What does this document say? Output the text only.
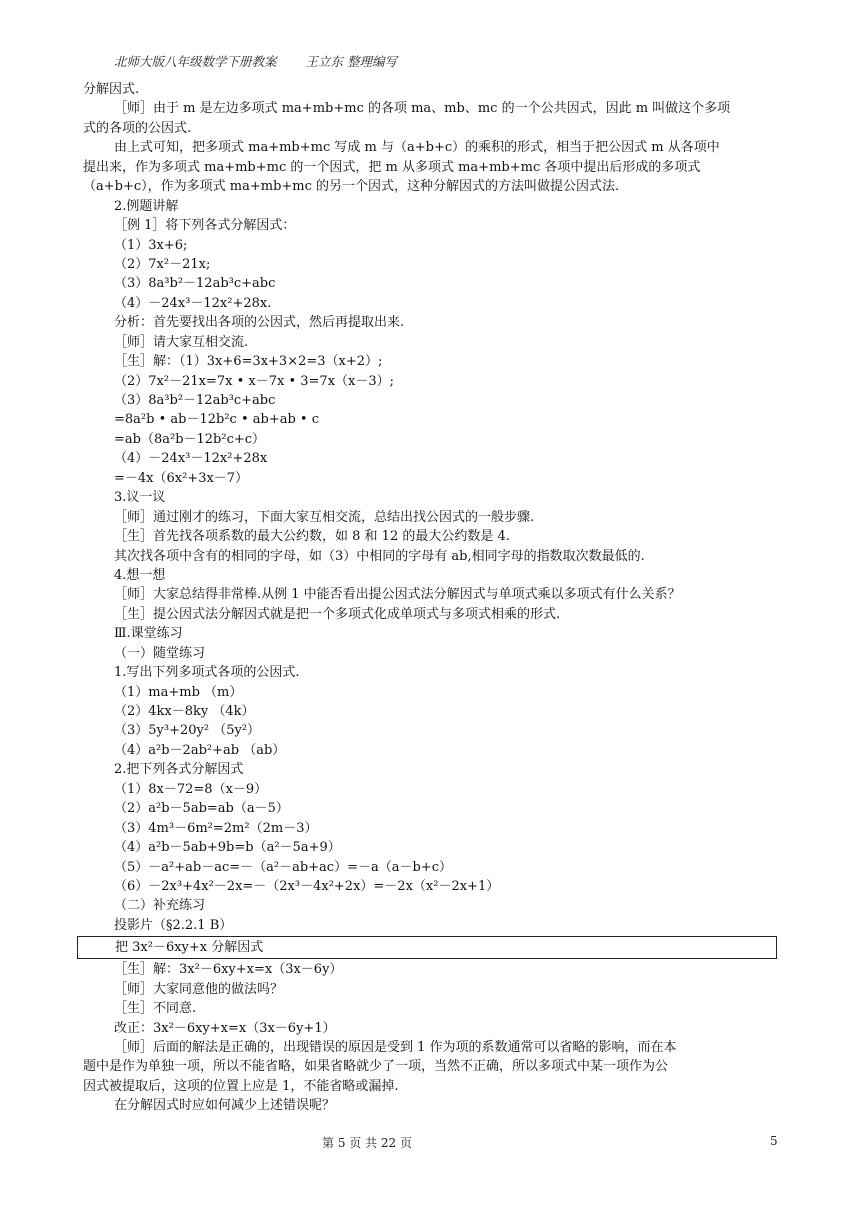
北师大版八年级数学下册教案 　　王立东 整理编写
分解因式.
［师］由于 m 是左边多项式 ma+mb+mc 的各项 ma、mb、mc 的一个公共因式，因此 m 叫做这个多项
式的各项的公因式.
由上式可知，把多项式 ma+mb+mc 写成 m 与（a+b+c）的乘积的形式，相当于把公因式 m 从各项中
提出来，作为多项式 ma+mb+mc 的一个因式，把 m 从多项式 ma+mb+mc 各项中提出后形成的多项式
（a+b+c），作为多项式 ma+mb+mc 的另一个因式，这种分解因式的方法叫做提公因式法.
2.例题讲解
［例 1］将下列各式分解因式：
（1）3x+6;
（2）7x²－21x;
（3）8a³b²－12ab³c+abc
（4）－24x³－12x²+28x.
分析：首先要找出各项的公因式，然后再提取出来.
［师］请大家互相交流.
［生］解：（1）3x+6=3x+3×2=3（x+2）;
（2）7x²－21x=7x • x－7x • 3=7x（x－3）;
（3）8a³b²－12ab³c+abc
=8a²b • ab－12b²c • ab+ab • c
=ab（8a²b－12b²c+c）
（4）－24x³－12x²+28x
=－4x（6x²+3x－7）
3.议一议
［师］通过刚才的练习，下面大家互相交流，总结出找公因式的一般步骤.
［生］首先找各项系数的最大公约数，如 8 和 12 的最大公约数是 4.
其次找各项中含有的相同的字母，如（3）中相同的字母有 ab,相同字母的指数取次数最低的.
4.想一想
［师］大家总结得非常棒.从例 1 中能否看出提公因式法分解因式与单项式乘以多项式有什么关系？
［生］提公因式法分解因式就是把一个多项式化成单项式与多项式相乘的形式.
Ⅲ.课堂练习
（一）随堂练习
1.写出下列多项式各项的公因式.
（1）ma+mb （m）
（2）4kx－8ky （4k）
（3）5y³+20y² （5y²）
（4）a²b－2ab²+ab （ab）
2.把下列各式分解因式
（1）8x－72=8（x－9）
（2）a²b－5ab=ab（a－5）
（3）4m³－6m²=2m²（2m－3）
（4）a²b－5ab+9b=b（a²－5a+9）
（5）－a²+ab－ac=－（a²－ab+ac）=－a（a－b+c）
（6）－2x³+4x²－2x=－（2x³－4x²+2x）=－2x（x²－2x+1）
（二）补充练习
投影片（§2.2.1 B）
把 3x²－6xy+x 分解因式
［生］解：3x²－6xy+x=x（3x－6y）
［师］大家同意他的做法吗？
［生］不同意.
改正：3x²－6xy+x=x（3x－6y+1）
［师］后面的解法是正确的，出现错误的原因是受到 1 作为项的系数通常可以省略的影响，而在本
题中是作为单独一项，所以不能省略，如果省略就少了一项，当然不正确，所以多项式中某一项作为公
因式被提取后，这项的位置上应是 1，不能省略或漏掉.
在分解因式时应如何减少上述错误呢？
第 5 页 共 22 页	5
